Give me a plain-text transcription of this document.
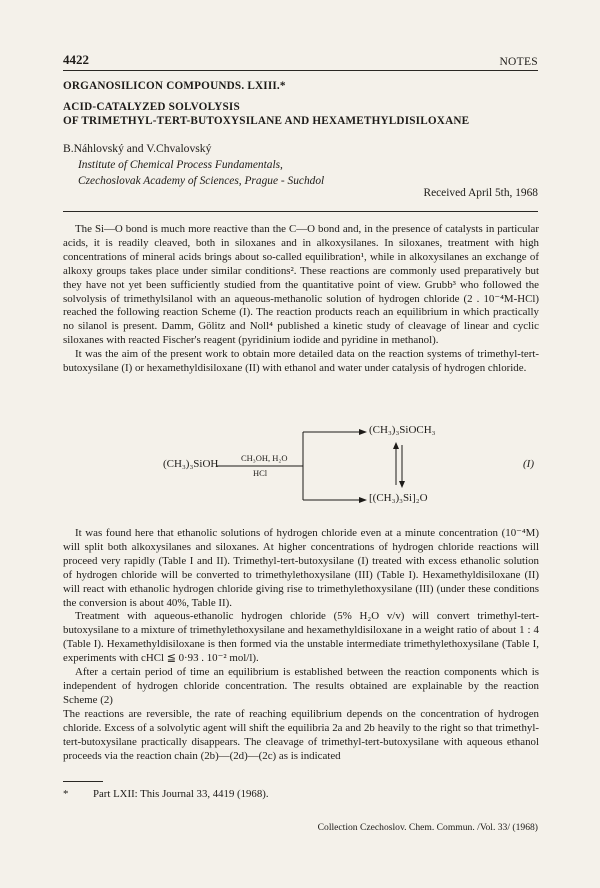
4422	NOTES
ORGANOSILICON COMPOUNDS. LXIII.*
ACID-CATALYZED SOLVOLYSIS
OF TRIMETHYL-TERT-BUTOXYSILANE AND HEXAMETHYLDISILOXANE
B.Náhlovský and V.Chvalovský
Institute of Chemical Process Fundamentals,
Czechoslovak Academy of Sciences, Prague - Suchdol
Received April 5th, 1968

The Si—O bond is much more reactive than the C—O bond and, in the presence of catalysts in particular acids, it is readily cleaved, both in siloxanes and in alkoxysilanes. In siloxanes, treatment with high concentrations of mineral acids brings about so-called equilibration¹, while in alkoxysilanes an exchange of alkoxy groups takes place under similar conditions². These reactions are commonly used preparatively but they have not yet been sufficiently studied from the quantitative point of view. Grubb³ who followed the solvolysis of trimethylsilanol with an aqueous-methanolic solution of hydrogen chloride (2 . 10⁻⁴M-HCl) reached the following reaction Scheme (I). The reaction products reach an equilibrium in which practically no silanol is present. Damm, Gölitz and Noll⁴ published a kinetic study of cleavage of linear and cyclic siloxanes with reacted Fischer's reagent (pyridinium iodide and pyridine in methanol).

It was the aim of the present work to obtain more detailed data on the reaction systems of trimethyl-tert-butoxysilane (I) or hexamethyldisiloxane (II) with ethanol and water under catalysis of hydrogen chloride.

(CH₃)₃SiOH	CH₃OH, H₂O
HCl
(CH₃)₃SiOCH₃
[(CH₃)₃Si]₂O
(I)

It was found here that ethanolic solutions of hydrogen chloride even at a minute concentration (10⁻⁴M) will split both alkoxysilanes and siloxanes. At higher concentrations of hydrogen chloride reactions will proceed very rapidly (Table I and II). Trimethyl-tert-butoxysilane (I) treated with excess ethanolic solution of hydrogen chloride will be converted to trimethylethoxysilane (III) (Table I). Hexamethyldisiloxane (II) will react with ethanolic hydrogen chloride giving rise to trimethylethoxysilane (III) (under these conditions the conversion is about 40%, Table II).

Treatment with aqueous-ethanolic hydrogen chloride (5% H₂O v/v) will convert trimethyl-tert-butoxysilane to a mixture of trimethylethoxysilane and hexamethyldisiloxane in a weight ratio of about 1 : 4 (Table I). Hexamethyldisiloxane is then formed via the unstable intermediate trimethylethoxysilane (Table I, experiments with cHCl ≦ 0·93 . 10⁻² mol/l).

After a certain period of time an equilibrium is established between the reaction components which is independent of hydrogen chloride concentration. The results obtained are explainable by the reaction Scheme (2)

The reactions are reversible, the rate of reaching equilibrium depends on the concentration of hydrogen chloride. Excess of a solvolytic agent will shift the equilibria 2a and 2b heavily to the right so that trimethyl-tert-butoxysilane practically disappears. The cleavage of trimethyl-tert-butoxysilane with aqueous ethanol proceeds via the reaction chain (2b)—(2d)—(2c) as is indicated

* Part LXII: This Journal 33, 4419 (1968).
Collection Czechoslov. Chem. Commun. /Vol. 33/ (1968)
